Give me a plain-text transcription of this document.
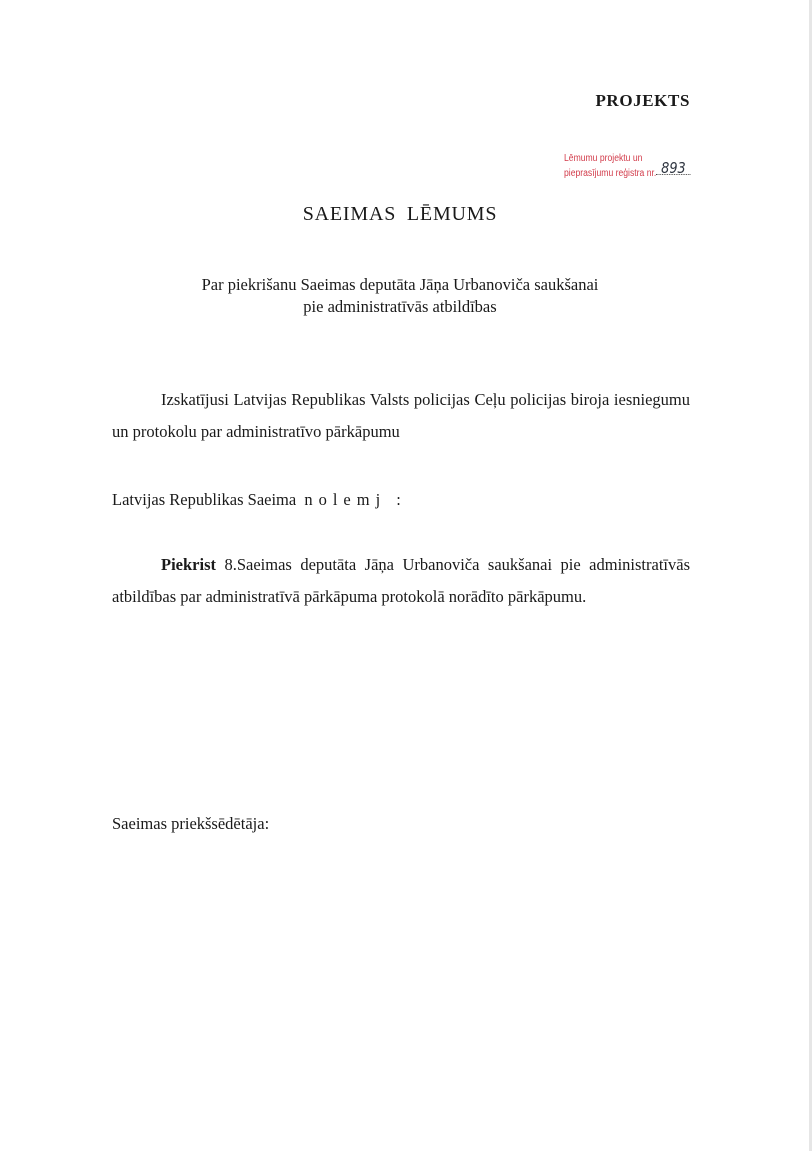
PROJEKTS
Lēmumu projektu un
pieprasījumu reģistra nr. 893
SAEIMAS LĒMUMS
Par piekrišanu Saeimas deputāta Jāņa Urbanoviča saukšanai
pie administratīvās atbildības
Izskatījusi Latvijas Republikas Valsts policijas Ceļu policijas biroja iesniegumu un protokolu par administratīvo pārkāpumu
Latvijas Republikas Saeima nolemj :
Piekrist 8.Saeimas deputāta Jāņa Urbanoviča saukšanai pie administratīvās atbildības par administratīvā pārkāpuma protokolā norādīto pārkāpumu.
Saeimas priekšsēdētāja:
